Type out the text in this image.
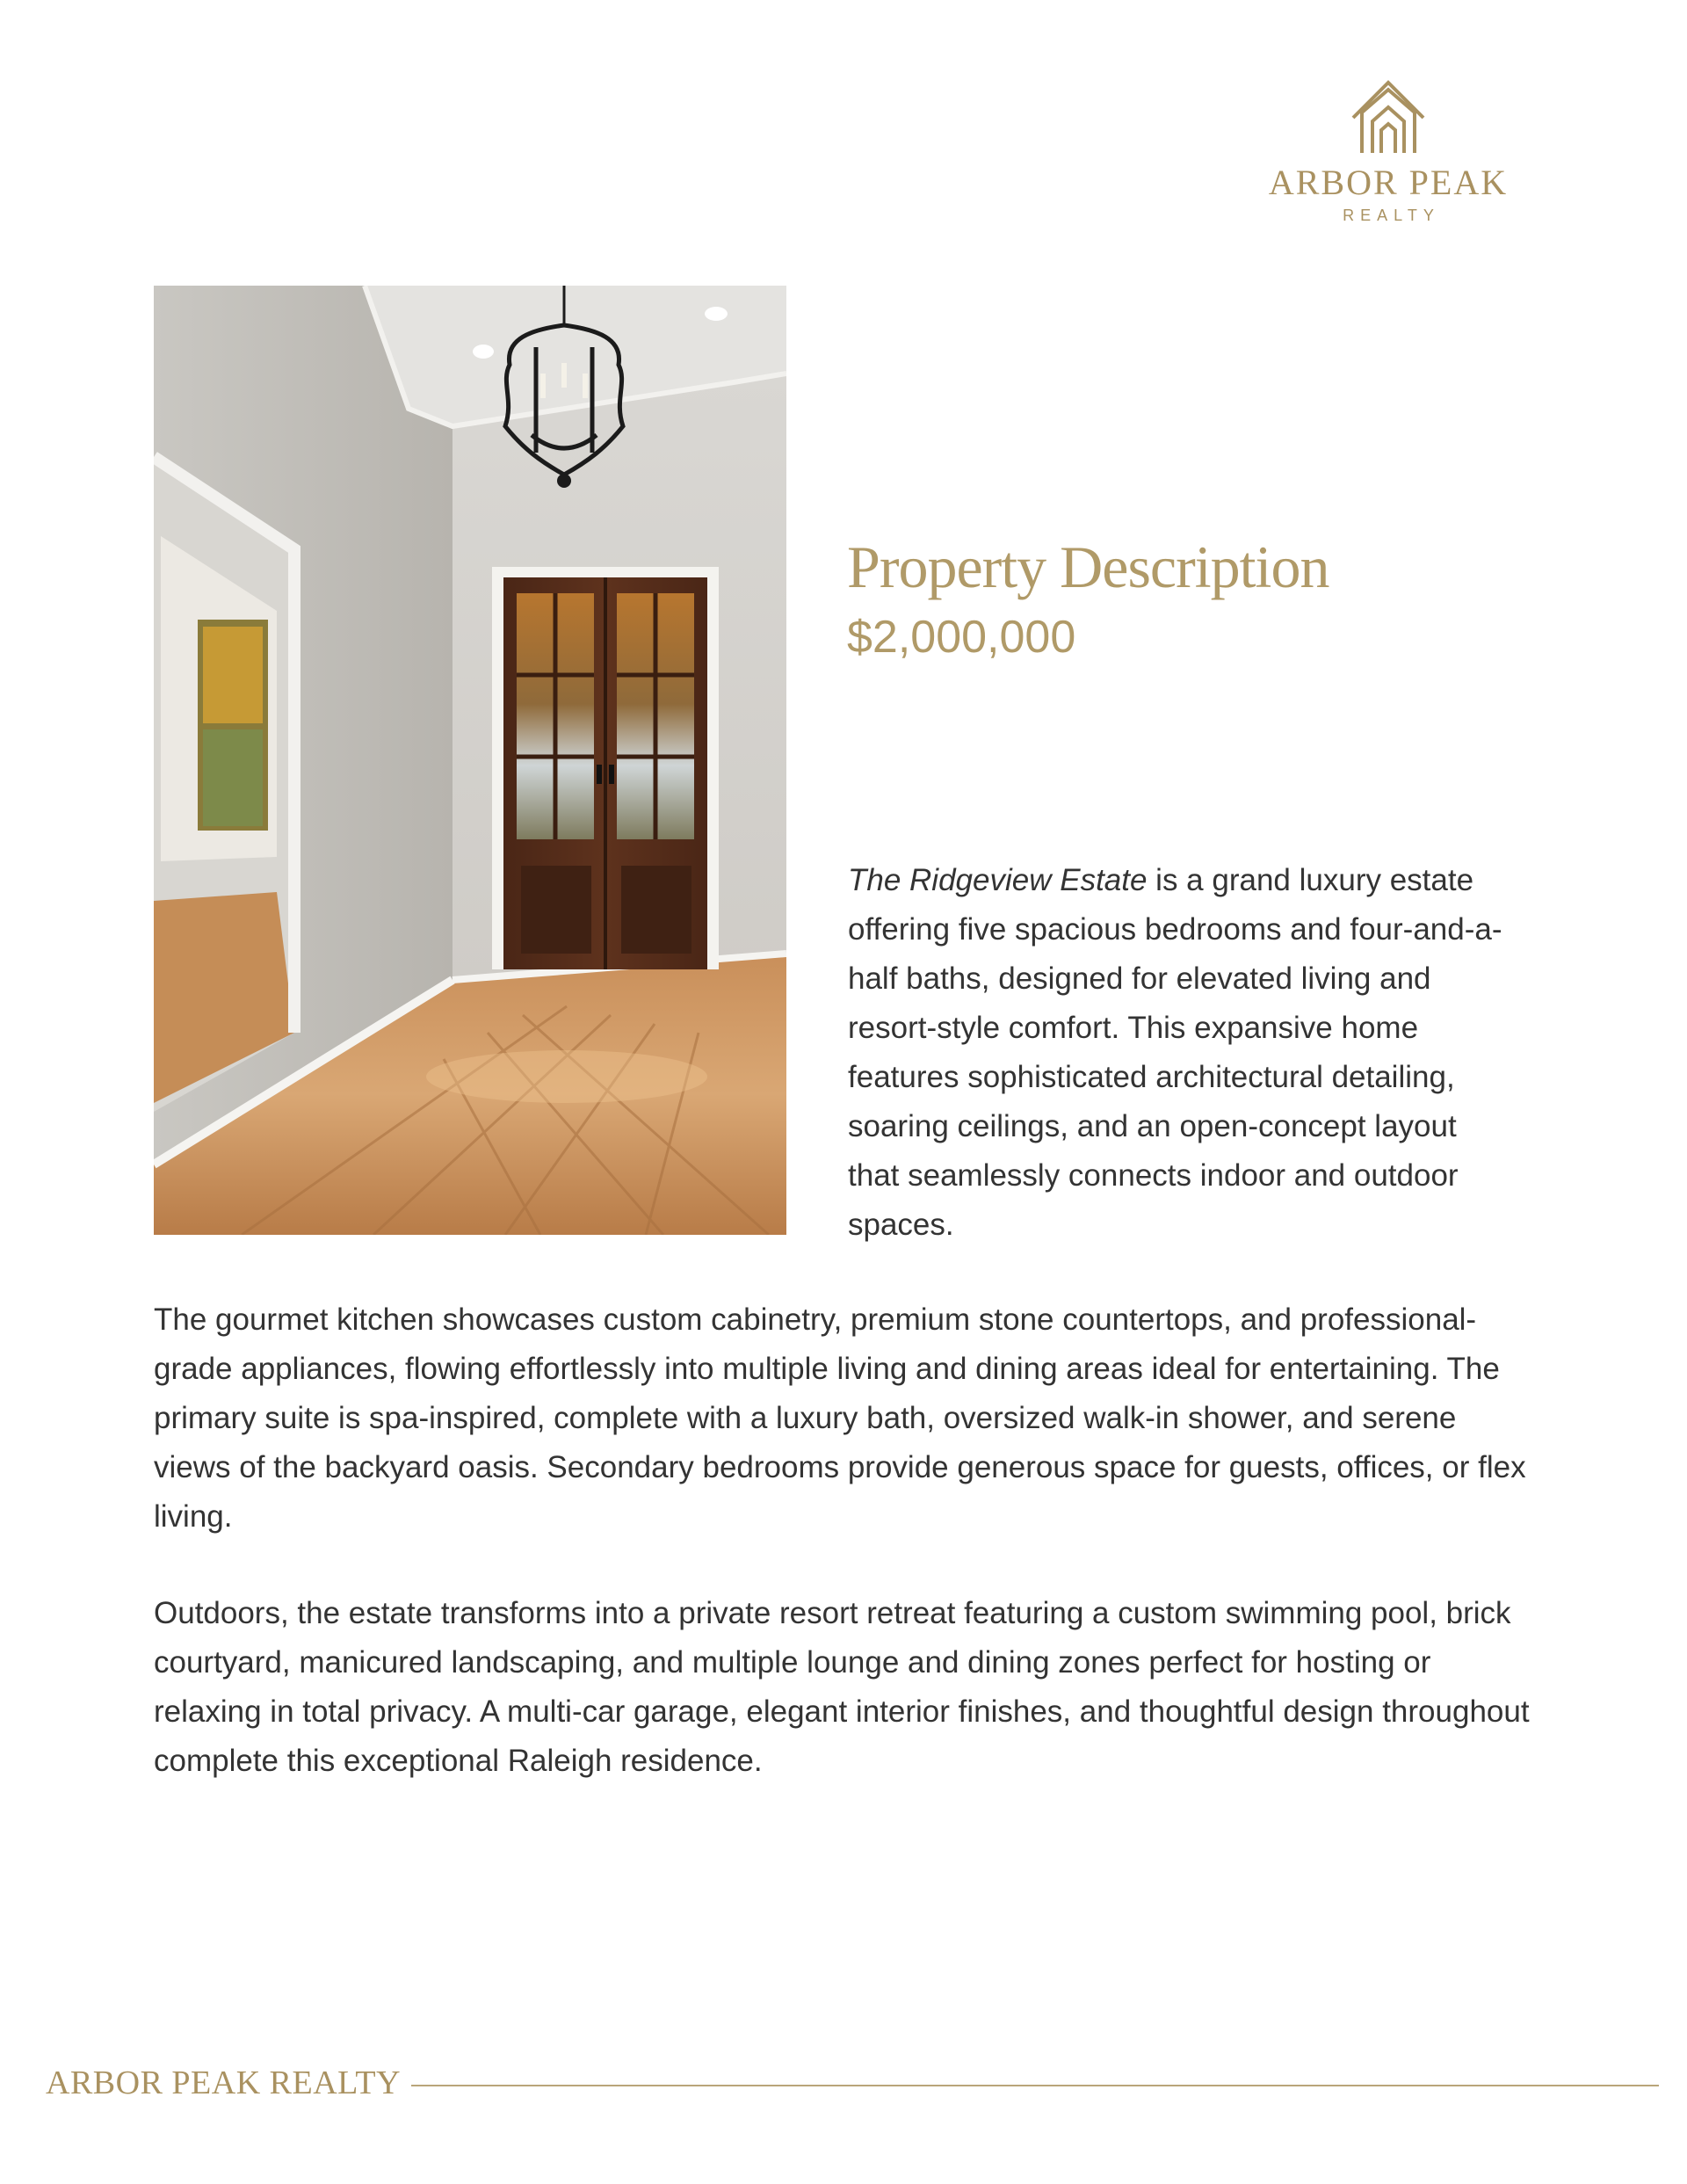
ARBOR PEAK
REALTY
Property Description
$2,000,000

The Ridgeview Estate is a grand luxury estate offering five spacious bedrooms and four-and-a-half baths, designed for elevated living and resort-style comfort. This expansive home features sophisticated architectural detailing, soaring ceilings, and an open-concept layout that seamlessly connects indoor and outdoor spaces.

The gourmet kitchen showcases custom cabinetry, premium stone countertops, and professional-grade appliances, flowing effortlessly into multiple living and dining areas ideal for entertaining. The primary suite is spa-inspired, complete with a luxury bath, oversized walk-in shower, and serene views of the backyard oasis. Secondary bedrooms provide generous space for guests, offices, or flex living.

Outdoors, the estate transforms into a private resort retreat featuring a custom swimming pool, brick courtyard, manicured landscaping, and multiple lounge and dining zones perfect for hosting or relaxing in total privacy. A multi-car garage, elegant interior finishes, and thoughtful design throughout complete this exceptional Raleigh residence.

ARBOR PEAK REALTY
